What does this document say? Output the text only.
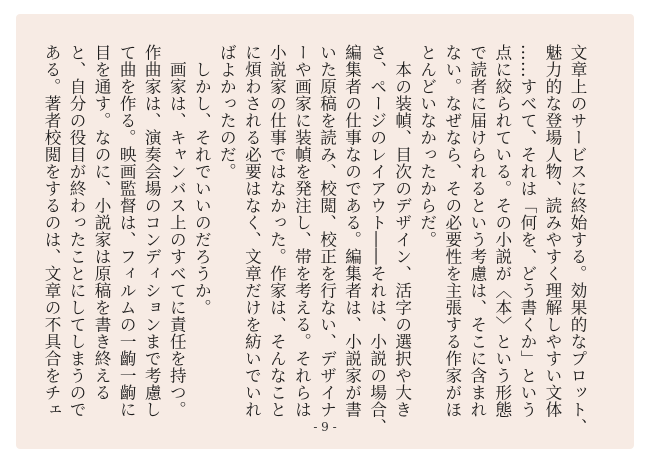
文章上のサービスに終始する。効果的なプロット、
魅力的な登場人物、読みやすく理解しやすい文体
……すべて、それは「何を、どう書くか」という
点に絞られている。その小説が〈本〉という形態
で読者に届けられるという考慮は、そこに含まれ
ない。なぜなら、その必要性を主張する作家がほ
とんどいなかったからだ。
　本の装幀、目次のデザイン、活字の選択や大き
さ、ページのレイアウト――それは、小説の場合、
編集者の仕事なのである。編集者は、小説家が書
いた原稿を読み、校閲、校正を行ない、デザイナ
ーや画家に装幀を発注し、帯を考える。それらは
小説家の仕事ではなかった。作家は、そんなこと
に煩わされる必要はなく、文章だけを紡いでいれ
ばよかったのだ。
　しかし、それでいいのだろうか。
　画家は、キャンバス上のすべてに責任を持つ。
作曲家は、演奏会場のコンディションまで考慮し
て曲を作る。映画監督は、フィルムの一齣一齣に
目を通す。なのに、小説家は原稿を書き終える
と、自分の役目が終わったことにしてしまうので
ある。著者校閲をするのは、文章の不具合をチェ
- 9 -
